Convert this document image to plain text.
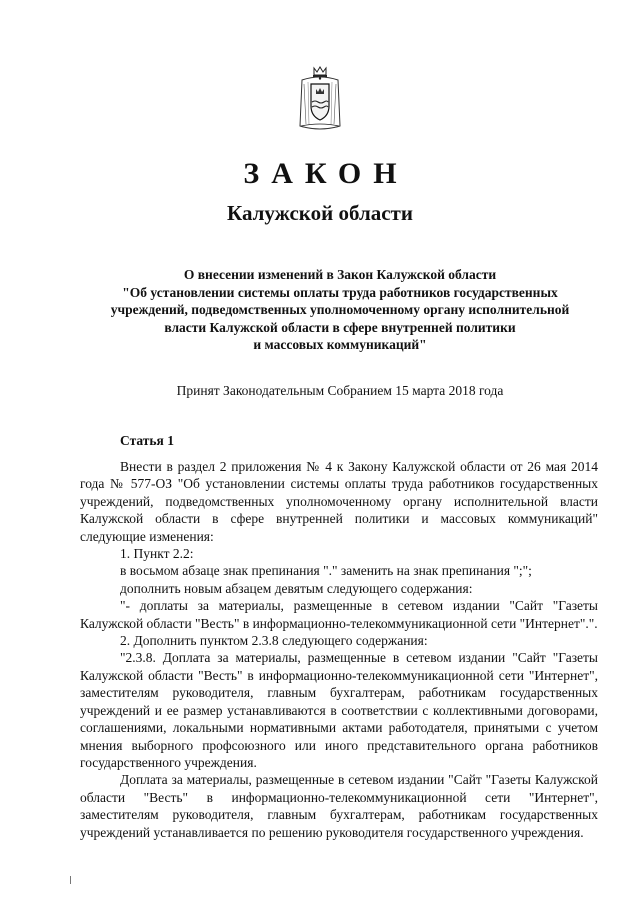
ЗАКОН
Калужской области
О внесении изменений в Закон Калужской области
"Об установлении системы оплаты труда работников государственных
учреждений, подведомственных уполномоченному органу исполнительной
власти Калужской области в сфере внутренней политики
и массовых коммуникаций"
Принят Законодательным Собранием 15 марта 2018 года
Статья 1

Внести в раздел 2 приложения № 4 к Закону Калужской области от 26 мая 2014 года № 577-ОЗ "Об установлении системы оплаты труда работников государственных учреждений, подведомственных уполномоченному органу исполнительной власти Калужской области в сфере внутренней политики и массовых коммуникаций" следующие изменения:

1. Пункт 2.2:

в восьмом абзаце знак препинания "." заменить на знак препинания ";";

дополнить новым абзацем девятым следующего содержания:

"- доплаты за материалы, размещенные в сетевом издании "Сайт "Газеты Калужской области "Весть" в информационно-телекоммуникационной сети "Интернет".".

2. Дополнить пунктом 2.3.8 следующего содержания:

"2.3.8. Доплата за материалы, размещенные в сетевом издании "Сайт "Газеты Калужской области "Весть" в информационно-телекоммуникационной сети "Интернет", заместителям руководителя, главным бухгалтерам, работникам государственных учреждений и ее размер устанавливаются в соответствии с коллективными договорами, соглашениями, локальными нормативными актами работодателя, принятыми с учетом мнения выборного профсоюзного или иного представительного органа работников государственного учреждения.

Доплата за материалы, размещенные в сетевом издании "Сайт "Газеты Калужской области "Весть" в информационно-телекоммуникационной сети "Интернет", заместителям руководителя, главным бухгалтерам, работникам государственных учреждений устанавливается по решению руководителя государственного учреждения.
